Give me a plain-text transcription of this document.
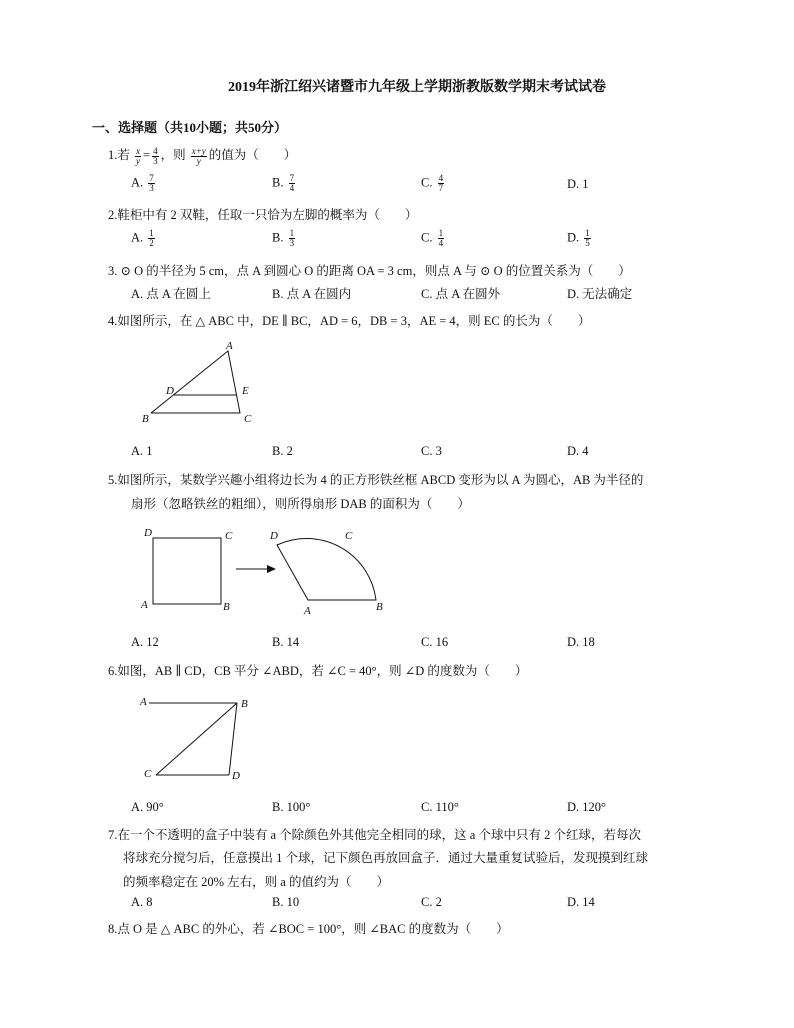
2019年浙江绍兴诸暨市九年级上学期浙教版数学期末考试试卷
一、选择题（共10小题；共50分）
1.若 $\frac{x}{y} = \frac{4}{3}$ ，则 $\frac{x+y}{y}$ 的值为（　　）
A. $\frac{7}{3}$	B. $\frac{7}{4}$	C. $\frac{4}{7}$	D. 1
2.鞋柜中有 2 双鞋，任取一只恰为左脚的概率为（　　）
A. $\frac{1}{2}$	B. $\frac{1}{3}$	C. $\frac{1}{4}$	D. $\frac{1}{5}$
3. ⊙ O 的半径为 5 cm，点 A 到圆心 O 的距离 OA = 3 cm，则点 A 与 ⊙ O 的位置关系为（　　）
A. 点 A 在圆上	B. 点 A 在圆内	C. 点 A 在圆外	D. 无法确定
4.如图所示，在 △ ABC 中，DE ∥ BC，AD = 6，DB = 3，AE = 4，则 EC 的长为（　　）
A
D	E
B	C
A. 1	B. 2	C. 3	D. 4
5.如图所示，某数学兴趣小组将边长为 4 的正方形铁丝框 ABCD 变形为以 A 为圆心，AB 为半径的
扇形（忽略铁丝的粗细），则所得扇形 DAB 的面积为（　　）
D	C
A	B
D	C
A	B
A. 12	B. 14	C. 16	D. 18
6.如图，AB ∥ CD，CB 平分 ∠ABD，若 ∠C = 40°，则 ∠D 的度数为（　　）
A	B
C	D
A. 90°	B. 100°	C. 110°	D. 120°
7.在一个不透明的盒子中装有 a 个除颜色外其他完全相同的球，这 a 个球中只有 2 个红球，若每次
将球充分搅匀后，任意摸出 1 个球，记下颜色再放回盒子．通过大量重复试验后，发现摸到红球
的频率稳定在 20% 左右，则 a 的值约为（　　）
A. 8	B. 10	C. 2	D. 14
8.点 O 是 △ ABC 的外心，若 ∠BOC = 100°，则 ∠BAC 的度数为（　　）
